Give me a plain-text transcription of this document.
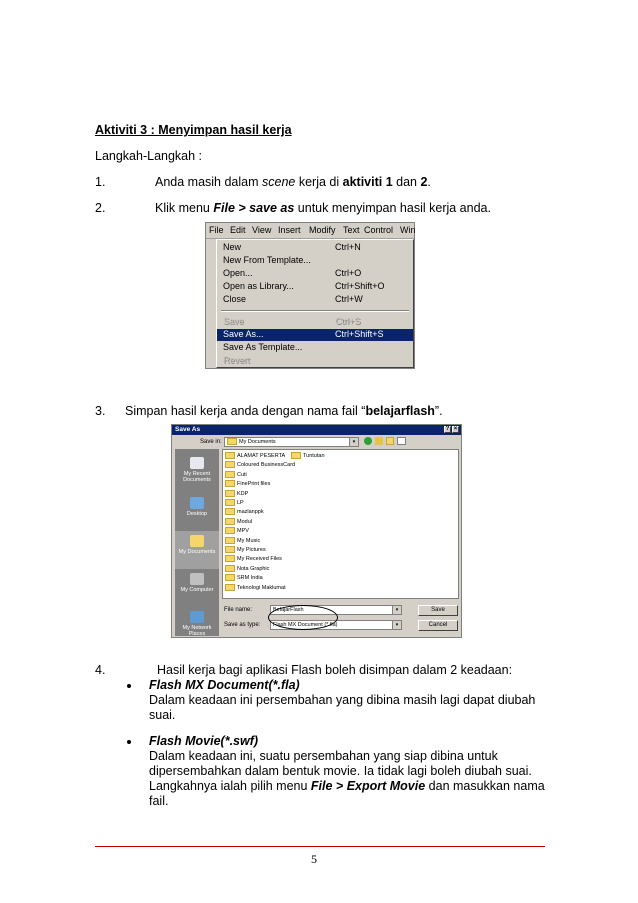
Aktiviti 3 : Menyimpan hasil kerja
Langkah-Langkah :
1.	Anda masih dalam scene kerja di aktiviti 1 dan 2.
2.	Klik menu File > save as untuk menyimpan hasil kerja anda.
File Edit View Insert Modify Text Control Win
New	Ctrl+N
New From Template...
Open...	Ctrl+O
Open as Library...	Ctrl+Shift+O
Close	Ctrl+W
Save	Ctrl+S
Save As...	Ctrl+Shift+S
Save As Template...
Revert
3. Simpan hasil kerja anda dengan nama fail “belajarflash”.
Save As	? ×
Save in:	My Documents	▾
My Recent Documents
Desktop
My Documents
My Computer
My Network Places
ALAMAT PESERTA
Coloured BusinessCard
Cuti
FinePrint files
KDP
LP
mazlanppk
Modul
MPV
My Music
My Pictures
My Received Files
Nota Graphic
SRM India
Teknologi Maklumat
Tuntutan
File name:	BelajarFlash	▾
Save as type:	Flash MX Document (*.fla)	▾
Save
Cancel
4.	Hasil kerja bagi aplikasi Flash boleh disimpan dalam 2 keadaan:
Flash MX Document(*.fla)
Dalam keadaan ini persembahan yang dibina masih lagi dapat diubah
suai.
Flash Movie(*.swf)
Dalam keadaan ini, suatu persembahan yang siap dibina untuk
dipersembahkan dalam bentuk movie. Ia tidak lagi boleh diubah suai.
Langkahnya ialah pilih menu File > Export Movie dan masukkan nama
fail.
5
